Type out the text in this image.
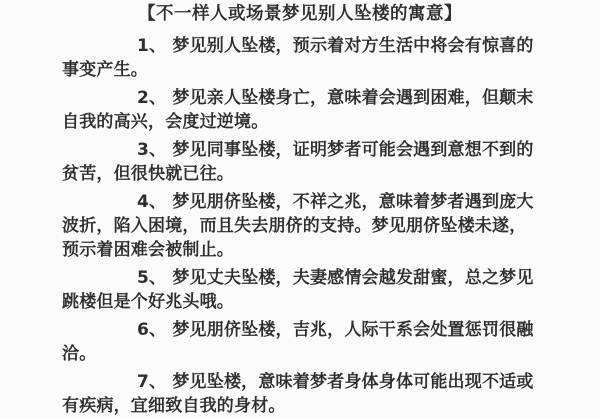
【不一样人或场景梦见别人坠楼的寓意】
1、 梦见别人坠楼，预示着对方生活中将会有惊喜的
事变产生。
2、 梦见亲人坠楼身亡，意味着会遇到困难，但颠末
自我的高兴，会度过逆境。
3、 梦见同事坠楼，证明梦者可能会遇到意想不到的
贫苦，但很快就已往。
4、 梦见朋侪坠楼，不祥之兆，意味着梦者遇到庞大
波折，陷入困境，而且失去朋侪的支持。梦见朋侪坠楼未遂，
预示着困难会被制止。
5、 梦见丈夫坠楼，夫妻感情会越发甜蜜，总之梦见
跳楼但是个好兆头哦。
6、 梦见朋侪坠楼，吉兆，人际干系会处置惩罚很融
洽。
7、 梦见坠楼，意味着梦者身体身体可能出现不适或
有疾病，宜细致自我的身材。
